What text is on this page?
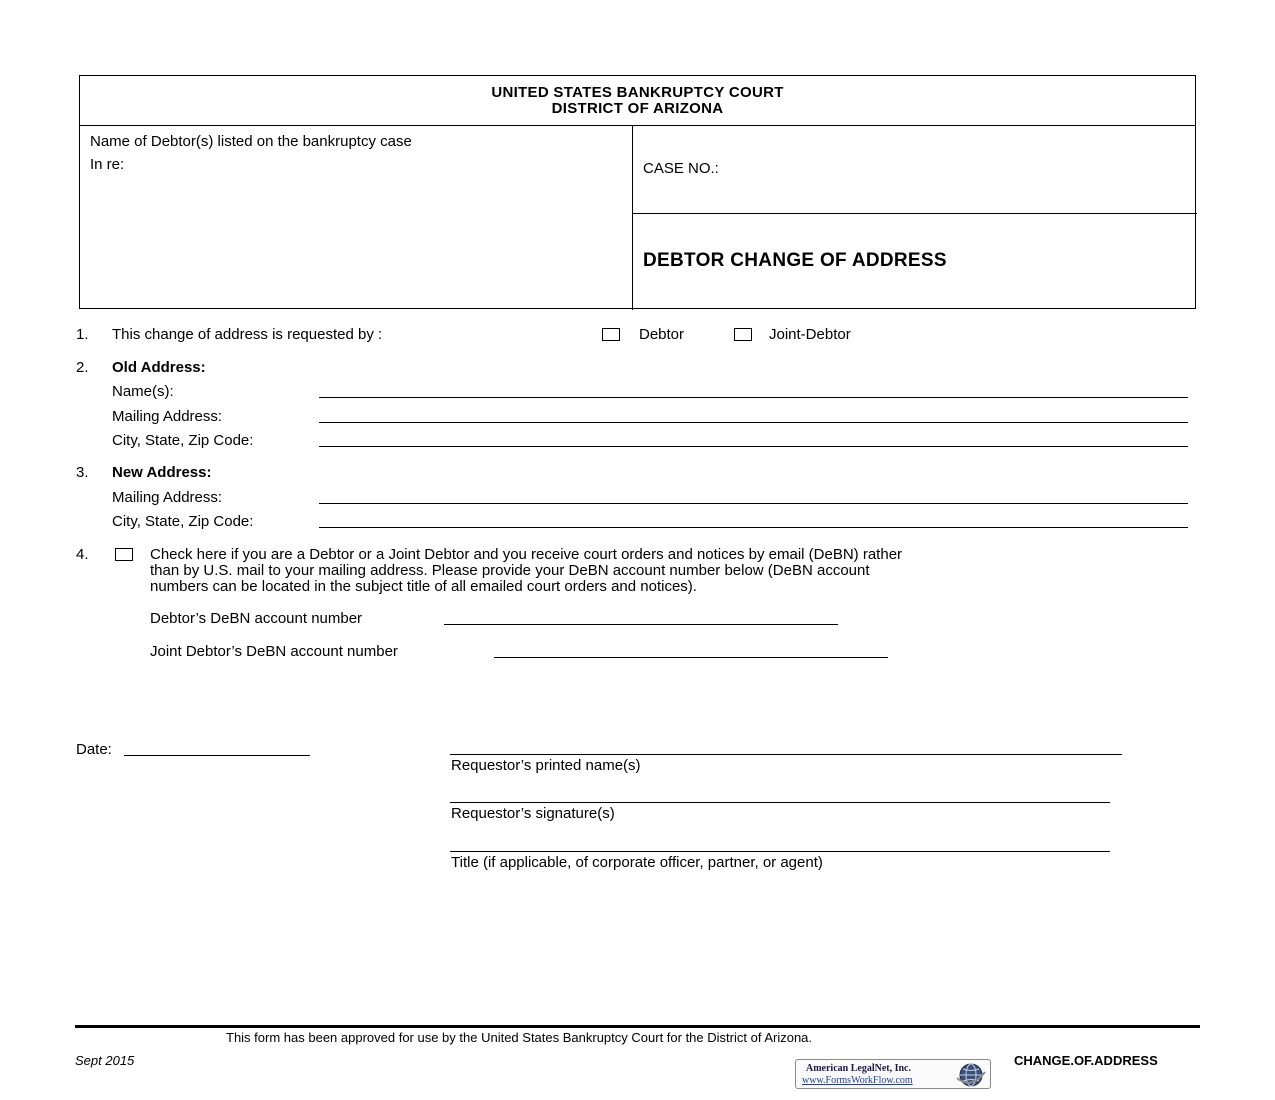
UNITED STATES BANKRUPTCY COURT
DISTRICT OF ARIZONA
Name of Debtor(s) listed on the bankruptcy case
In re:	CASE NO.:
DEBTOR CHANGE OF ADDRESS
1. This change of address is requested by :	Debtor	Joint-Debtor
2. Old Address:
Name(s):
Mailing Address:
City, State, Zip Code:
3. New Address:
Mailing Address:
City, State, Zip Code:
4.	Check here if you are a Debtor or a Joint Debtor and you receive court orders and notices by email (DeBN) rather
than by U.S. mail to your mailing address. Please provide your DeBN account number below (DeBN account
numbers can be located in the subject title of all emailed court orders and notices).
Debtor’s DeBN account number
Joint Debtor’s DeBN account number
Date:
Requestor’s printed name(s)
Requestor’s signature(s)
Title (if applicable, of corporate officer, partner, or agent)
This form has been approved for use by the United States Bankruptcy Court for the District of Arizona.
Sept 2015	CHANGE.OF.ADDRESS
American LegalNet, Inc.
www.FormsWorkFlow.com
